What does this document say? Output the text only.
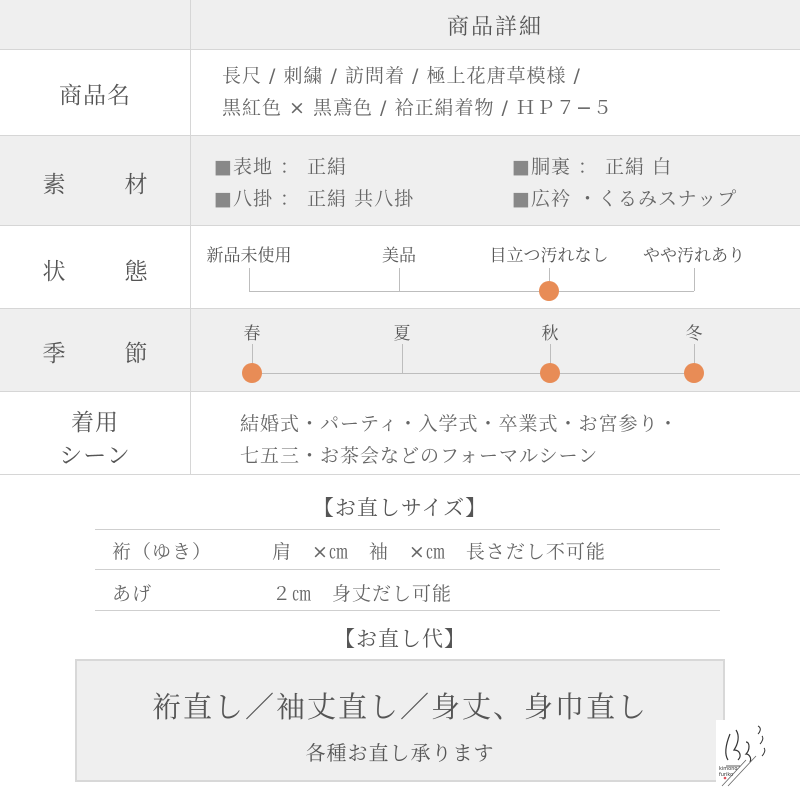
商品詳細
商品名
長尺 / 刺繍 / 訪問着 / 極上花唐草模様 /
黒紅色 × 黒鳶色 / 袷正絹着物 / ＨＰ７−５
素　材
■表地 ： 正絹	■胴裏 ： 正絹 白
■八掛 ： 正絹 共八掛	■広衿 ・くるみスナップ
状　態
新品未使用	美品	目立つ汚れなし やや汚れあり
季　節
春	夏	秋	冬
着用
シーン
結婚式・パーティ・入学式・卒業式・お宮参り・
七五三・お茶会などのフォーマルシーン
【お直しサイズ】
裄（ゆき）	肩　×㎝　袖　×㎝　長さだし不可能
あげ	２㎝　身丈だし可能
【お直し代】
裄直し／袖丈直し／身丈、身巾直し
各種お直し承ります
kimono furiko
